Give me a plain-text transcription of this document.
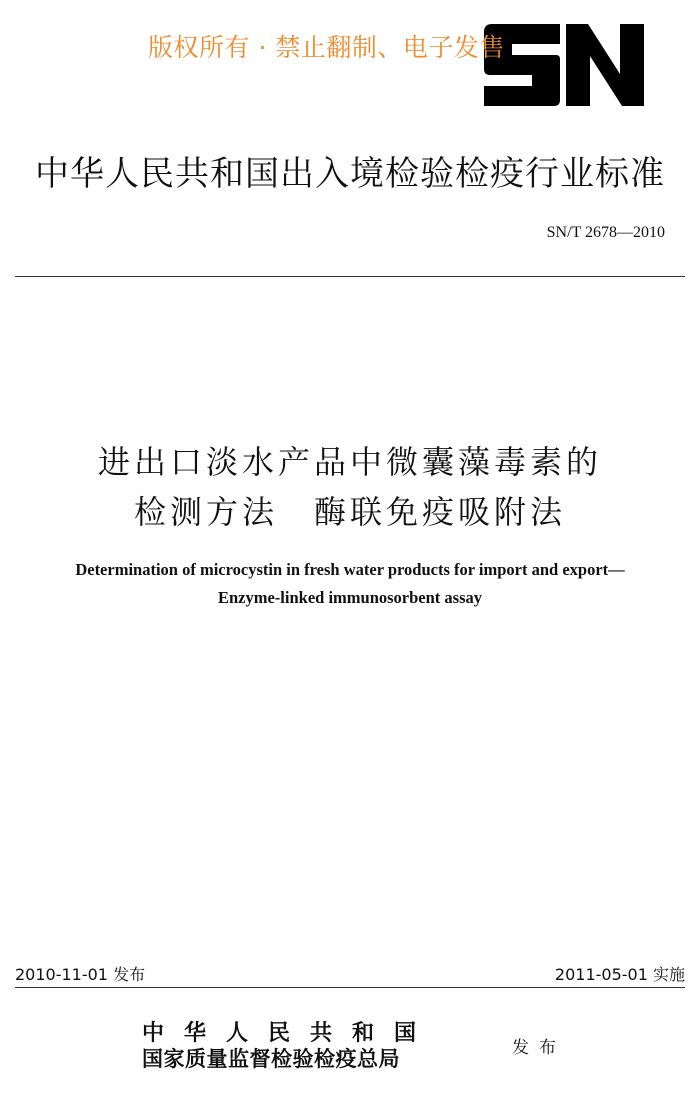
版权所有 · 禁止翻制、电子发售
中华人民共和国出入境检验检疫行业标准
SN/T 2678—2010
进出口淡水产品中微囊藻毒素的
检测方法　酶联免疫吸附法
Determination of microcystin in fresh water products for import and export—
Enzyme-linked immunosorbent assay
2010-11-01 发布	2011-05-01 实施
中华人民共和国
国家质量监督检验检疫总局	发布
